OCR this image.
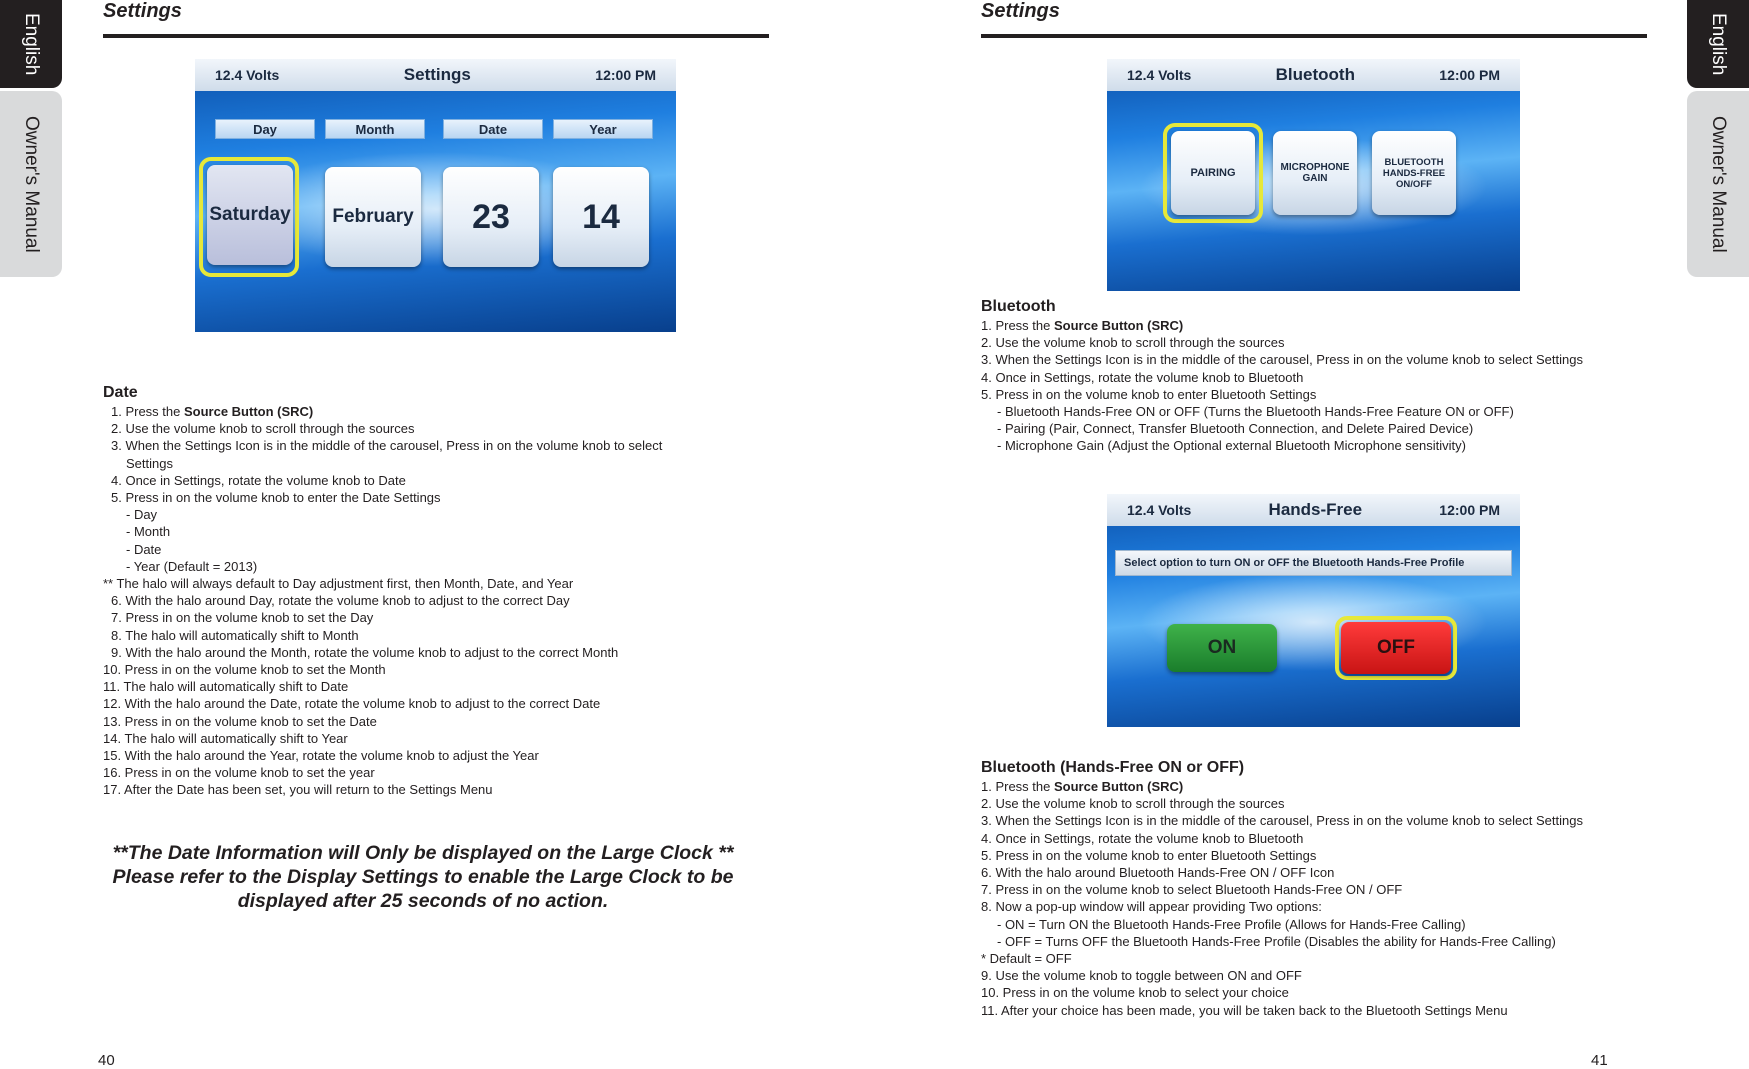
English
Owner's Manual
English
Owner's Manual
Settings
12.4 Volts	Settings	12:00 PM
Day	Month	Date	Year
Saturday	February	23	14
Date
1. Press the Source Button (SRC)
2. Use the volume knob to scroll through the sources
3. When the Settings Icon is in the middle of the carousel, Press in on the volume knob to select
Settings
4. Once in Settings, rotate the volume knob to Date
5. Press in on the volume knob to enter the Date Settings
- Day
- Month
- Date
- Year (Default = 2013)
** The halo will always default to Day adjustment first, then Month, Date, and Year
6. With the halo around Day, rotate the volume knob to adjust to the correct Day
7. Press in on the volume knob to set the Day
8. The halo will automatically shift to Month
9. With the halo around the Month, rotate the volume knob to adjust to the correct Month
10. Press in on the volume knob to set the Month
11. The halo will automatically shift to Date
12. With the halo around the Date, rotate the volume knob to adjust to the correct Date
13. Press in on the volume knob to set the Date
14. The halo will automatically shift to Year
15. With the halo around the Year, rotate the volume knob to adjust the Year
16. Press in on the volume knob to set the year
17. After the Date has been set, you will return to the Settings Menu
**The Date Information will Only be displayed on the Large Clock **
Please refer to the Display Settings to enable the Large Clock to be
displayed after 25 seconds of no action.
40
Settings
12.4 Volts	Bluetooth	12:00 PM
PAIRING	MICROPHONE GAIN
BLUETOOTH HANDS-FREE ON/OFF
Bluetooth
1. Press the Source Button (SRC)
2. Use the volume knob to scroll through the sources
3. When the Settings Icon is in the middle of the carousel, Press in on the volume knob to select Settings
4. Once in Settings, rotate the volume knob to Bluetooth
5. Press in on the volume knob to enter Bluetooth Settings
- Bluetooth Hands-Free ON or OFF (Turns the Bluetooth Hands-Free Feature ON or OFF)
- Pairing (Pair, Connect, Transfer Bluetooth Connection, and Delete Paired Device)
- Microphone Gain (Adjust the Optional external Bluetooth Microphone sensitivity)
12.4 Volts	Hands-Free	12:00 PM
Select option to turn ON or OFF the Bluetooth Hands-Free Profile
ON	OFF
Bluetooth (Hands-Free ON or OFF)
1. Press the Source Button (SRC)
2. Use the volume knob to scroll through the sources
3. When the Settings Icon is in the middle of the carousel, Press in on the volume knob to select Settings
4. Once in Settings, rotate the volume knob to Bluetooth
5. Press in on the volume knob to enter Bluetooth Settings
6. With the halo around Bluetooth Hands-Free ON / OFF Icon
7. Press in on the volume knob to select Bluetooth Hands-Free ON / OFF
8. Now a pop-up window will appear providing Two options:
- ON = Turn ON the Bluetooth Hands-Free Profile (Allows for Hands-Free Calling)
- OFF = Turns OFF the Bluetooth Hands-Free Profile (Disables the ability for Hands-Free Calling)
* Default = OFF
9. Use the volume knob to toggle between ON and OFF
10. Press in on the volume knob to select your choice
11. After your choice has been made, you will be taken back to the Bluetooth Settings Menu
41
